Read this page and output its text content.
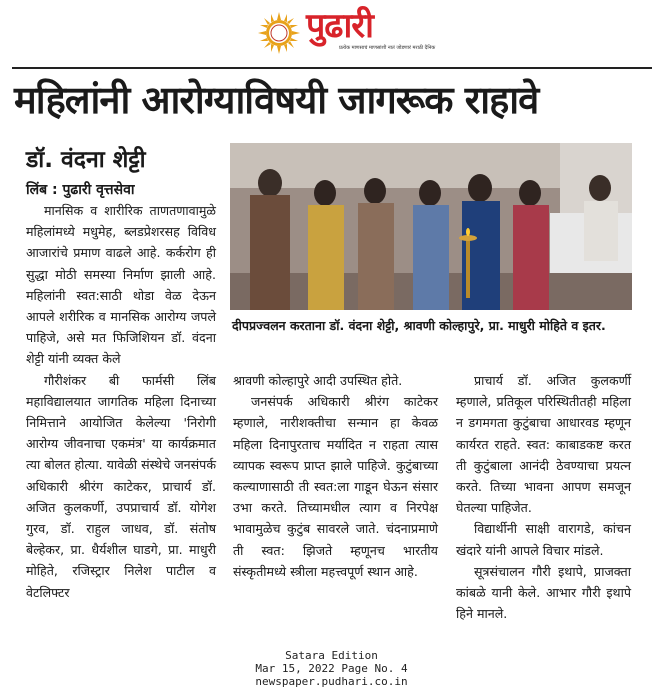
पुढारी
प्रत्येक माणसाचं माणसांशी नातं जोडणारं मराठी दैनिक
महिलांनी आरोग्याविषयी जागरूक राहावे
डॉ. वंदना शेट्टी
लिंब : पुढारी वृत्तसेवा

मानसिक व शारीरिक ताणतणावामुळे महिलांमध्ये मधुमेह, ब्लडप्रेशरसह विविध आजारांचे प्रमाण वाढले आहे. कर्करोग ही सुद्धा मोठी समस्या निर्माण झाली आहे. महिलांनी स्वत:साठी थोडा वेळ देऊन आपले शरीरिक व मानसिक आरोग्य जपले पाहिजे, असे मत फिजिशियन डॉ. वंदना शेट्टी यांनी व्यक्त केले

गौरीशंकर बी फार्मसी लिंब महाविद्यालयात जागतिक महिला दिनाच्या निमित्ताने आयोजित केलेल्या 'निरोगी आरोग्य जीवनाचा एकमंत्र' या कार्यक्रमात त्या बोलत होत्या. यावेळी संस्थेचे जनसंपर्क अधिकारी श्रीरंग काटेकर, प्राचार्य डॉ. अजित कुलकर्णी, उपप्राचार्य डॉ. योगेश गुरव, डॉ. राहुल जाधव, डॉ. संतोष बेल्हेकर, प्रा. धैर्यशील घाडगे, प्रा. माधुरी मोहिते, रजिस्ट्रार निलेश पाटील व वेटलिफ्टर

दीपप्रज्वलन करताना डॉ. वंदना शेट्टी, श्रावणी कोल्हापुरे, प्रा. माधुरी मोहिते व इतर.

श्रावणी कोल्हापुरे आदी उपस्थित होते.

जनसंपर्क अधिकारी श्रीरंग काटेकर म्हणाले, नारीशक्तीचा सन्मान हा केवळ महिला दिनापुरताच मर्यादित न राहता त्यास व्यापक स्वरूप प्राप्त झाले पाहिजे. कुटुंबाच्या कल्याणासाठी ती स्वत:ला गाडून घेऊन संसार उभा करते. तिच्यामधील त्याग व निरपेक्ष भावामुळेच कुटुंब सावरले जाते. चंदनाप्रमाणे ती स्वत: झिजते म्हणूनच भारतीय संस्कृतीमध्ये स्त्रीला महत्त्वपूर्ण स्थान आहे.

प्राचार्य डॉ. अजित कुलकर्णी म्हणाले, प्रतिकूल परिस्थितीतही महिला न डगमगता कुटुंबाचा आधारवड म्हणून कार्यरत राहते. स्वत: काबाडकष्ट करत ती कुटुंबाला आनंदी ठेवण्याचा प्रयत्न करते. तिच्या भावना आपण समजून घेतल्या पाहिजेत.

विद्यार्थीनी साक्षी वारागडे, कांचन खंदारे यांनी आपले विचार मांडले.

सूत्रसंचालन गौरी इथापे, प्राजक्ता कांबळे यानी केले. आभार गौरी इथापे हिने मानले.

Satara Edition
Mar 15, 2022 Page No. 4
newspaper.pudhari.co.in
